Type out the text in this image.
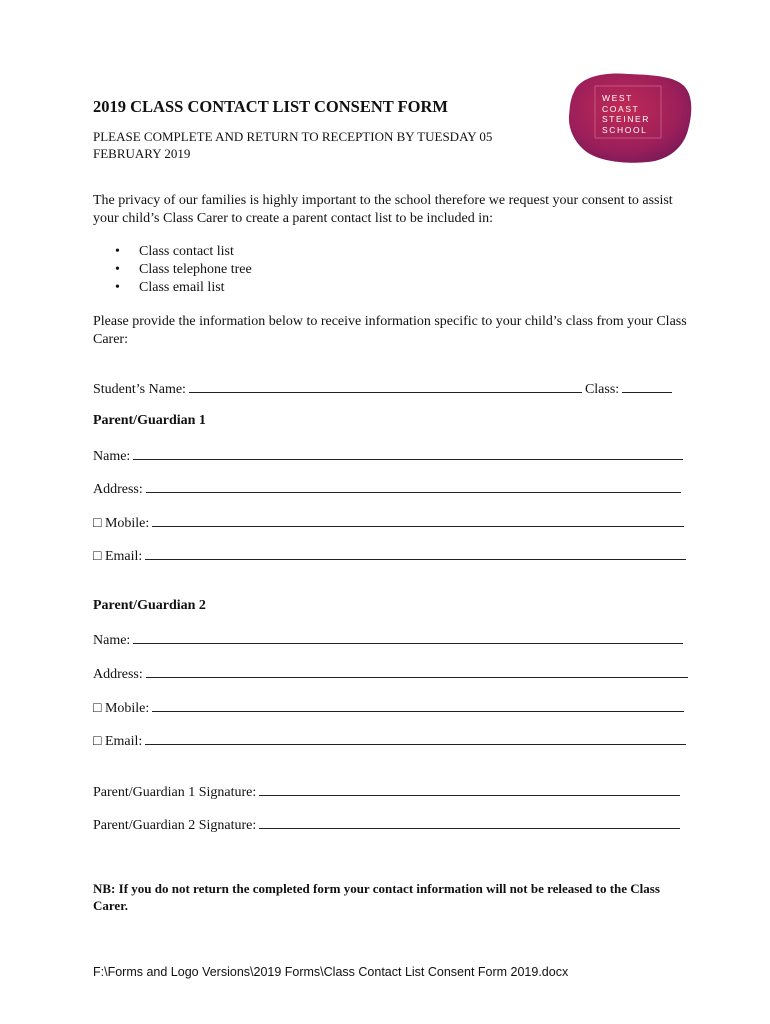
WEST
COAST
STEINER
SCHOOL
2019 CLASS CONTACT LIST CONSENT FORM
PLEASE COMPLETE AND RETURN TO RECEPTION BY TUESDAY 05 FEBRUARY 2019
The privacy of our families is highly important to the school therefore we request your consent to assist your child’s Class Carer to create a parent contact list to be included in:
• Class contact list
• Class telephone tree
• Class email list
Please provide the information below to receive information specific to your child’s class from your Class Carer:
Student’s Name:	Class:
Parent/Guardian 1
Name:
Address:
□ Mobile:
□ Email:
Parent/Guardian 2
Name:
Address:
□ Mobile:
□ Email:
Parent/Guardian 1 Signature:
Parent/Guardian 2 Signature:
NB: If you do not return the completed form your contact information will not be released to the Class Carer.
F:\Forms and Logo Versions\2019 Forms\Class Contact List Consent Form 2019.docx
